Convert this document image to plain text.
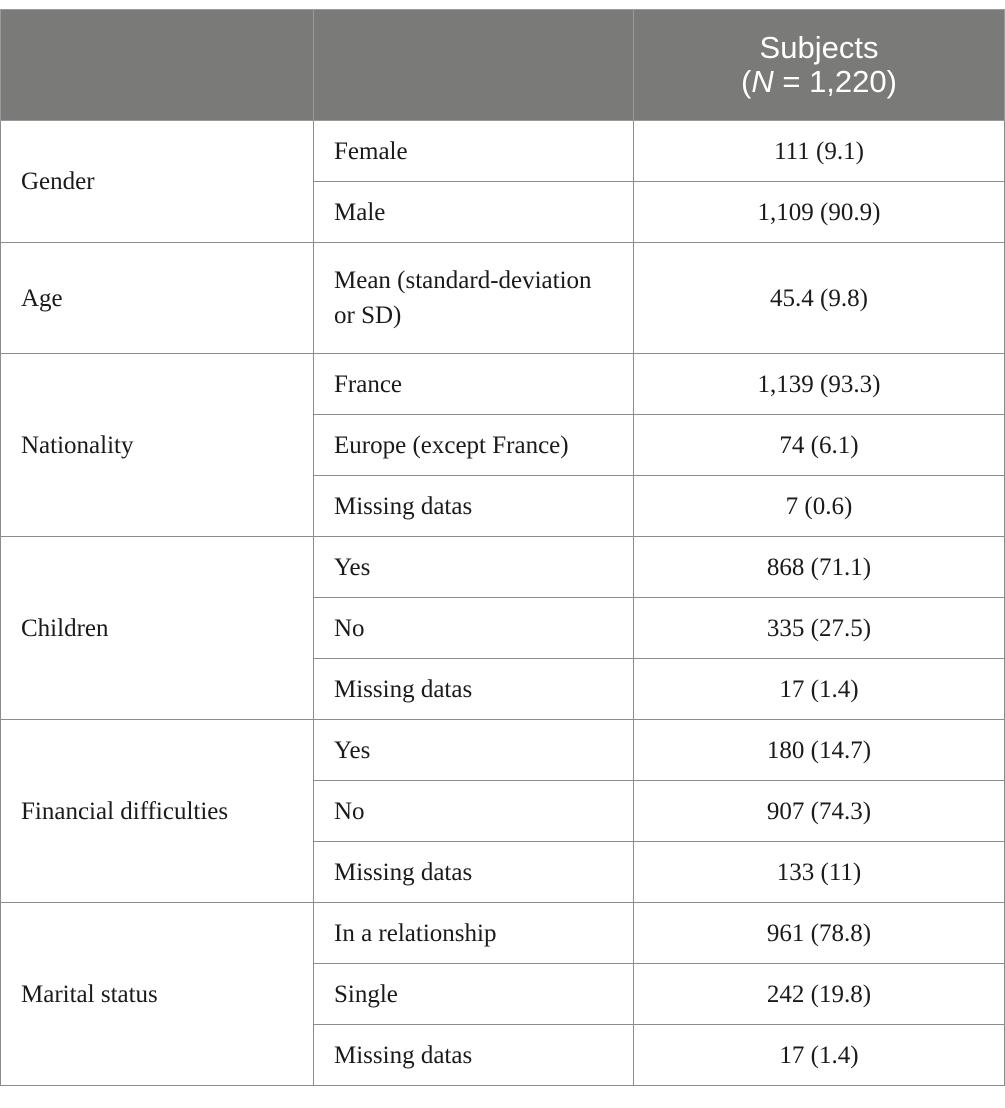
		Subjects
(N = 1,220)
Gender	Female	111 (9.1)
	Male	1,109 (90.9)
Age	Mean (standard-deviation or SD)	45.4 (9.8)
Nationality	France	1,139 (93.3)
	Europe (except France)	74 (6.1)
	Missing datas	7 (0.6)
Children	Yes	868 (71.1)
	No	335 (27.5)
	Missing datas	17 (1.4)
Financial difficulties	Yes	180 (14.7)
	No	907 (74.3)
	Missing datas	133 (11)
Marital status	In a relationship	961 (78.8)
	Single	242 (19.8)
	Missing datas	17 (1.4)
